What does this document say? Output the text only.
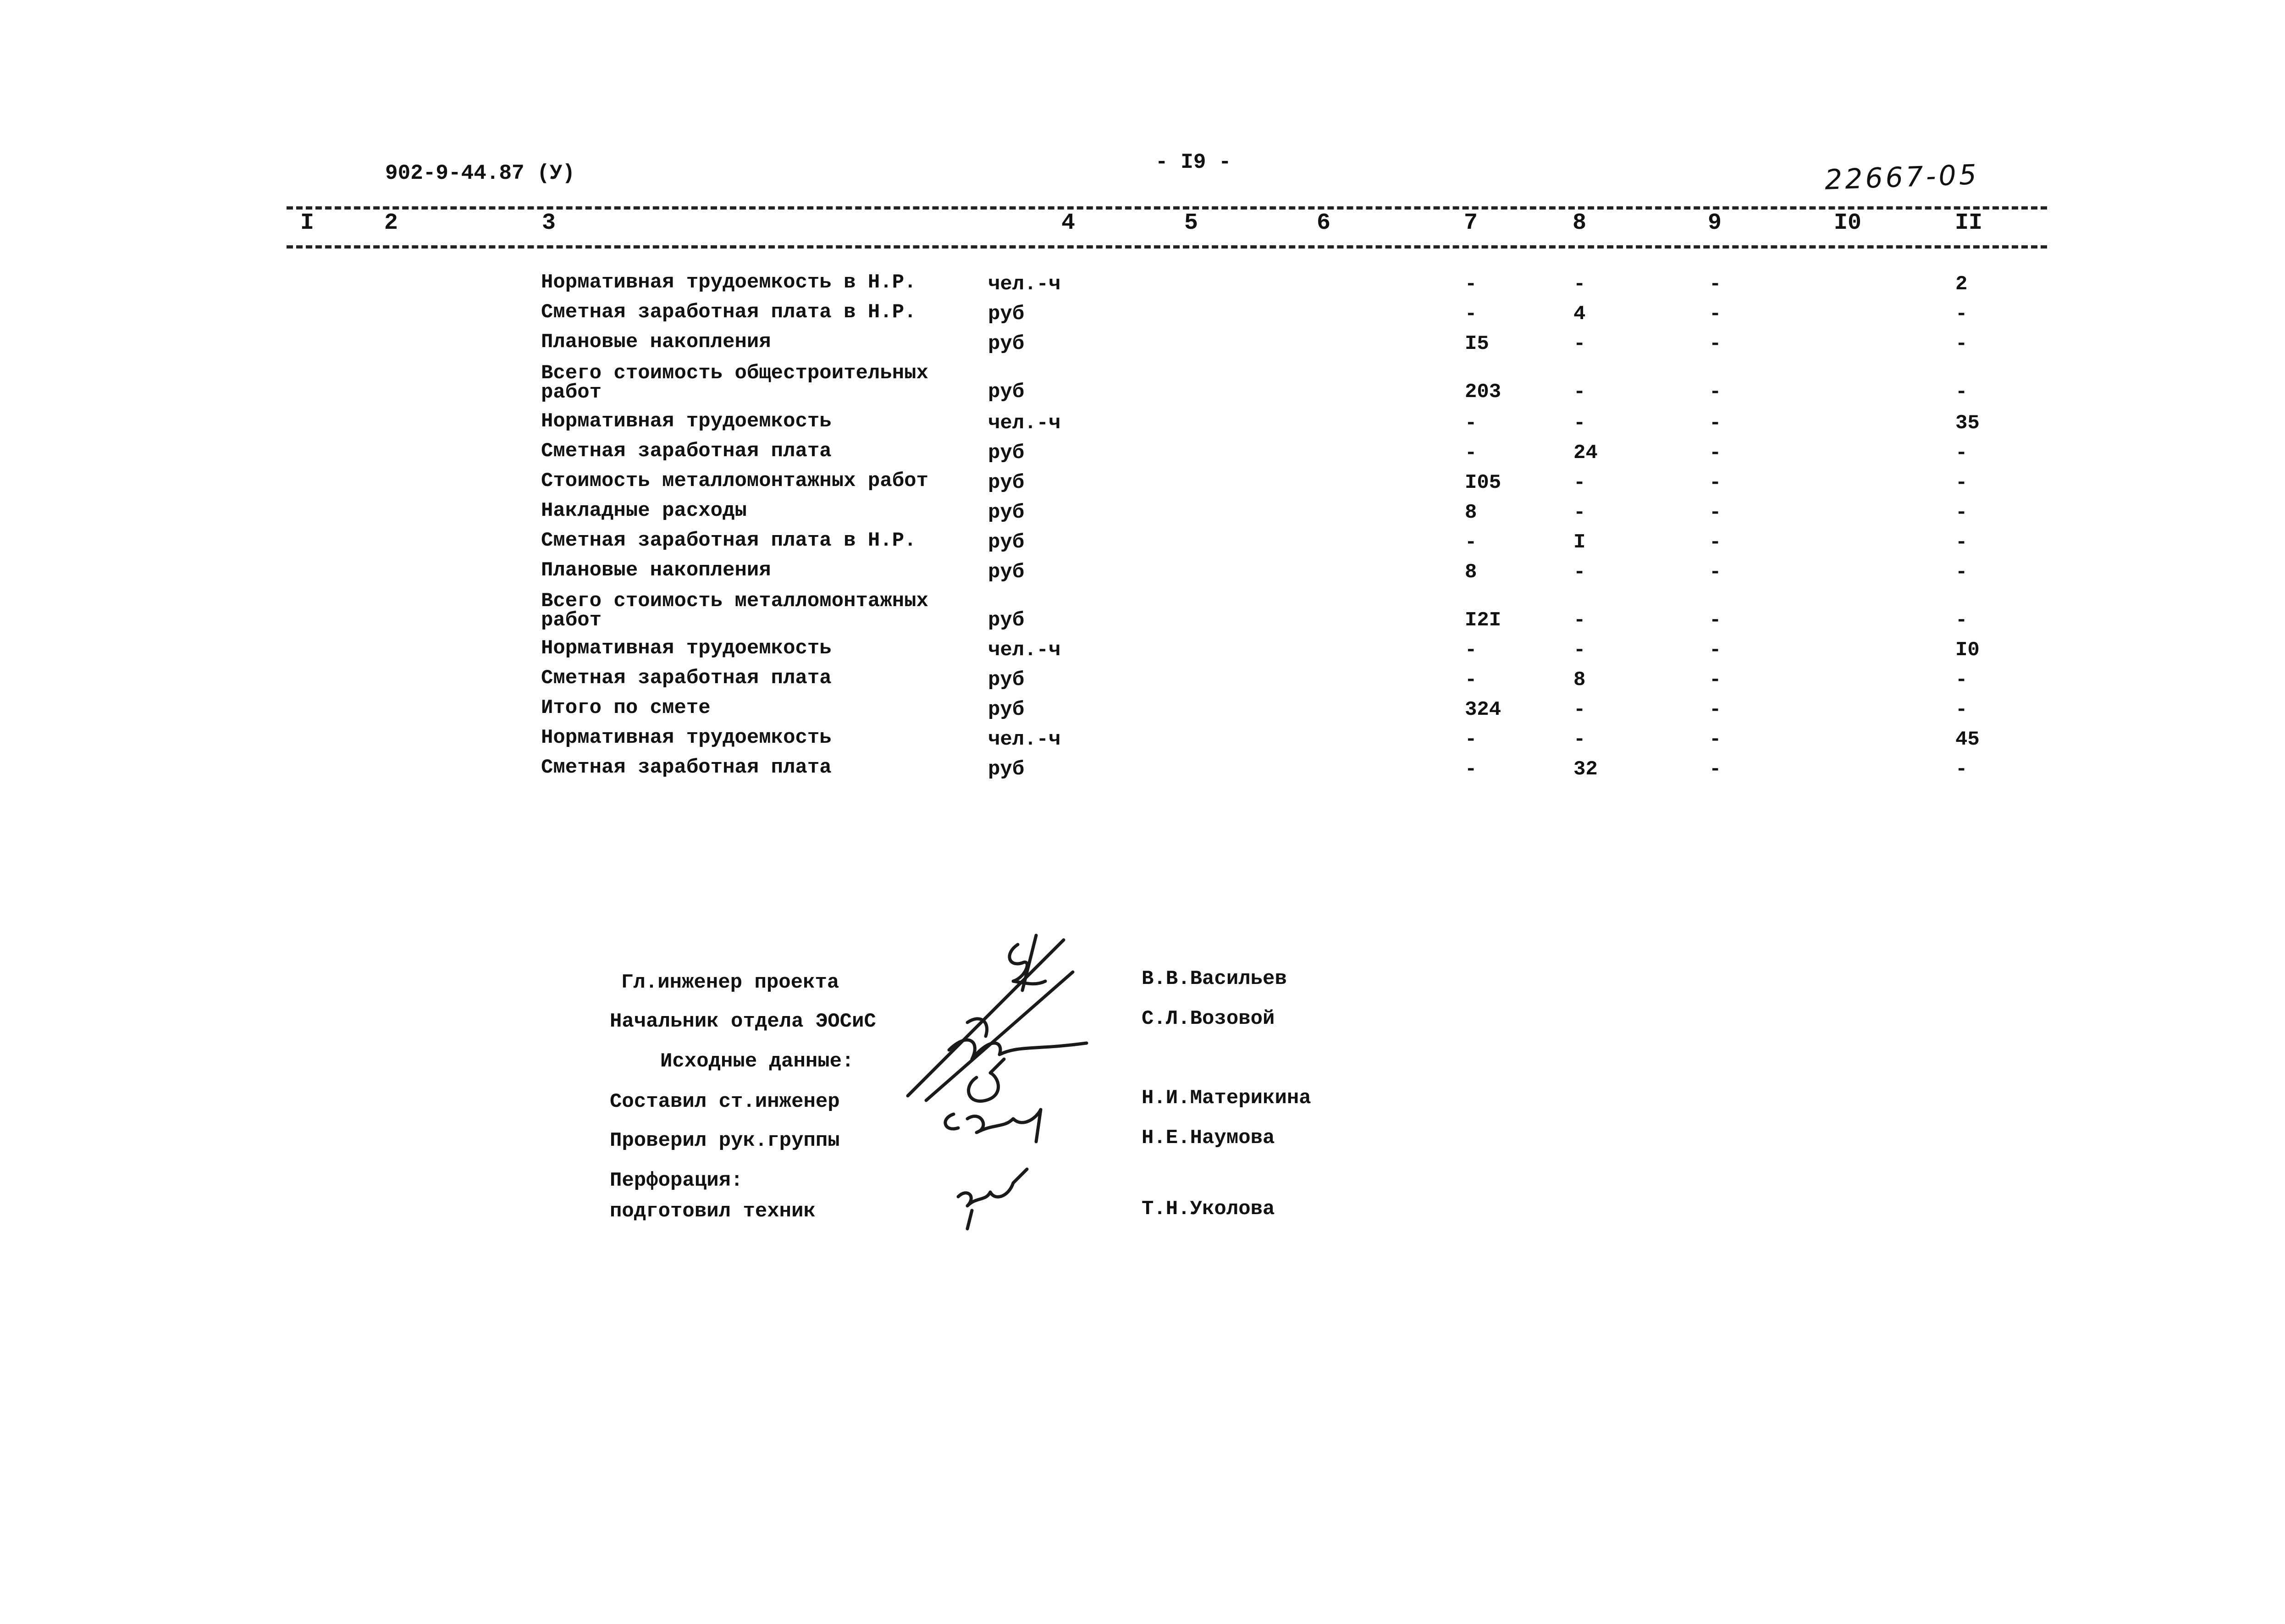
902-9-44.87 (У)	- I9 -	22667-05
I	2	3	4	5	6	7	8	9	I0	II
Нормативная трудоемкость в Н.Р.	чел.-ч	-	-	-	2
Сметная заработная плата в Н.Р.	руб	-	4	-	-
Плановые накопления	руб	I5	-	-	-
Всего стоимость общестроительных работ	руб	203	-	-	-
Нормативная трудоемкость	чел.-ч	-	-	-	35
Сметная заработная плата	руб	-	24	-	-
Стоимость металломонтажных работ	руб	I05	-	-	-
Накладные расходы	руб	8	-	-	-
Сметная заработная плата в Н.Р.	руб	-	I	-	-
Плановые накопления	руб	8	-	-	-
Всего стоимость металломонтажных работ	руб	I2I	-	-	-
Нормативная трудоемкость	чел.-ч	-	-	-	I0
Сметная заработная плата	руб	-	8	-	-
Итого по смете	руб	324	-	-	-
Нормативная трудоемкость	чел.-ч	-	-	-	45
Сметная заработная плата	руб	-	32	-	-
Гл.инженер проекта	В.В.Васильев
Начальник отдела ЭОСиС	С.Л.Возовой
Исходные данные:
Составил ст.инженер	Н.И.Материкина
Проверил рук.группы	Н.Е.Наумова
Перфорация:
подготовил техник	Т.Н.Уколова
